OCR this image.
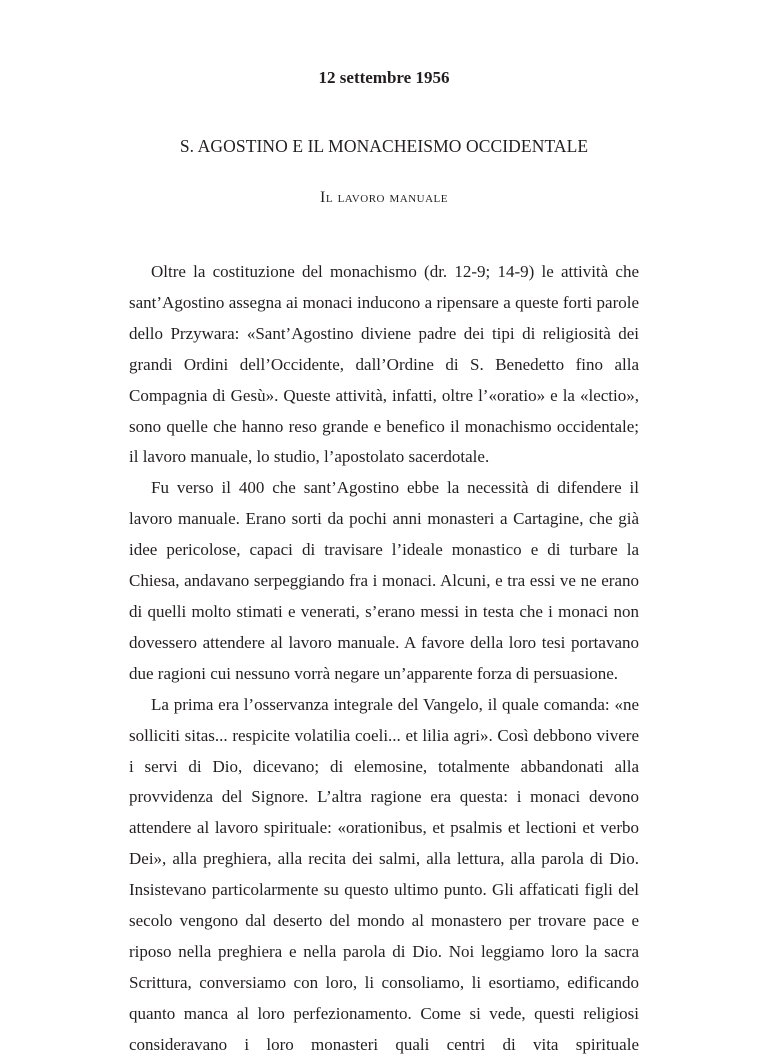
12 settembre 1956
S. AGOSTINO E IL MONACHEISMO OCCIDENTALE
Il lavoro manuale

Oltre la costituzione del monachismo (dr. 12-9; 14-9) le attività che sant’Agostino assegna ai monaci inducono a ripensare a queste forti parole dello Przywara: «Sant’Agostino diviene padre dei tipi di religiosità dei grandi Ordini dell’Occidente, dall’Ordine di S. Benedetto fino alla Compagnia di Gesù». Queste attività, infatti, oltre l’«oratio» e la «lectio», sono quelle che hanno reso grande e benefico il monachismo occidentale; il lavoro manuale, lo studio, l’apostolato sacerdotale.

Fu verso il 400 che sant’Agostino ebbe la necessità di difendere il lavoro manuale. Erano sorti da pochi anni monasteri a Cartagine, che già idee pericolose, capaci di travisare l’ideale monastico e di turbare la Chiesa, andavano serpeggiando fra i monaci. Alcuni, e tra essi ve ne erano di quelli molto stimati e venerati, s’erano messi in testa che i monaci non dovessero attendere al lavoro manuale. A favore della loro tesi portavano due ragioni cui nessuno vorrà negare un’apparente forza di persuasione.

La prima era l’osservanza integrale del Vangelo, il quale comanda: «ne solliciti sitas... respicite volatilia coeli... et lilia agri». Così debbono vivere i servi di Dio, dicevano; di elemosine, totalmente abbandonati alla provvidenza del Signore. L’altra ragione era questa: i monaci devono attendere al lavoro spirituale: «orationibus, et psalmis et lectioni et verbo Dei», alla preghiera, alla recita dei salmi, alla lettura, alla parola di Dio. Insistevano particolarmente su questo ultimo punto. Gli affaticati figli del secolo vengono dal deserto del mondo al monastero per trovare pace e riposo nella preghiera e nella parola di Dio. Noi leggiamo loro la sacra Scrittura, conversiamo con loro, li consoliamo, li esortiamo, edificando quanto manca al loro perfezionamento. Come si vede, questi religiosi consideravano i loro monasteri quali centri di vita spirituale
